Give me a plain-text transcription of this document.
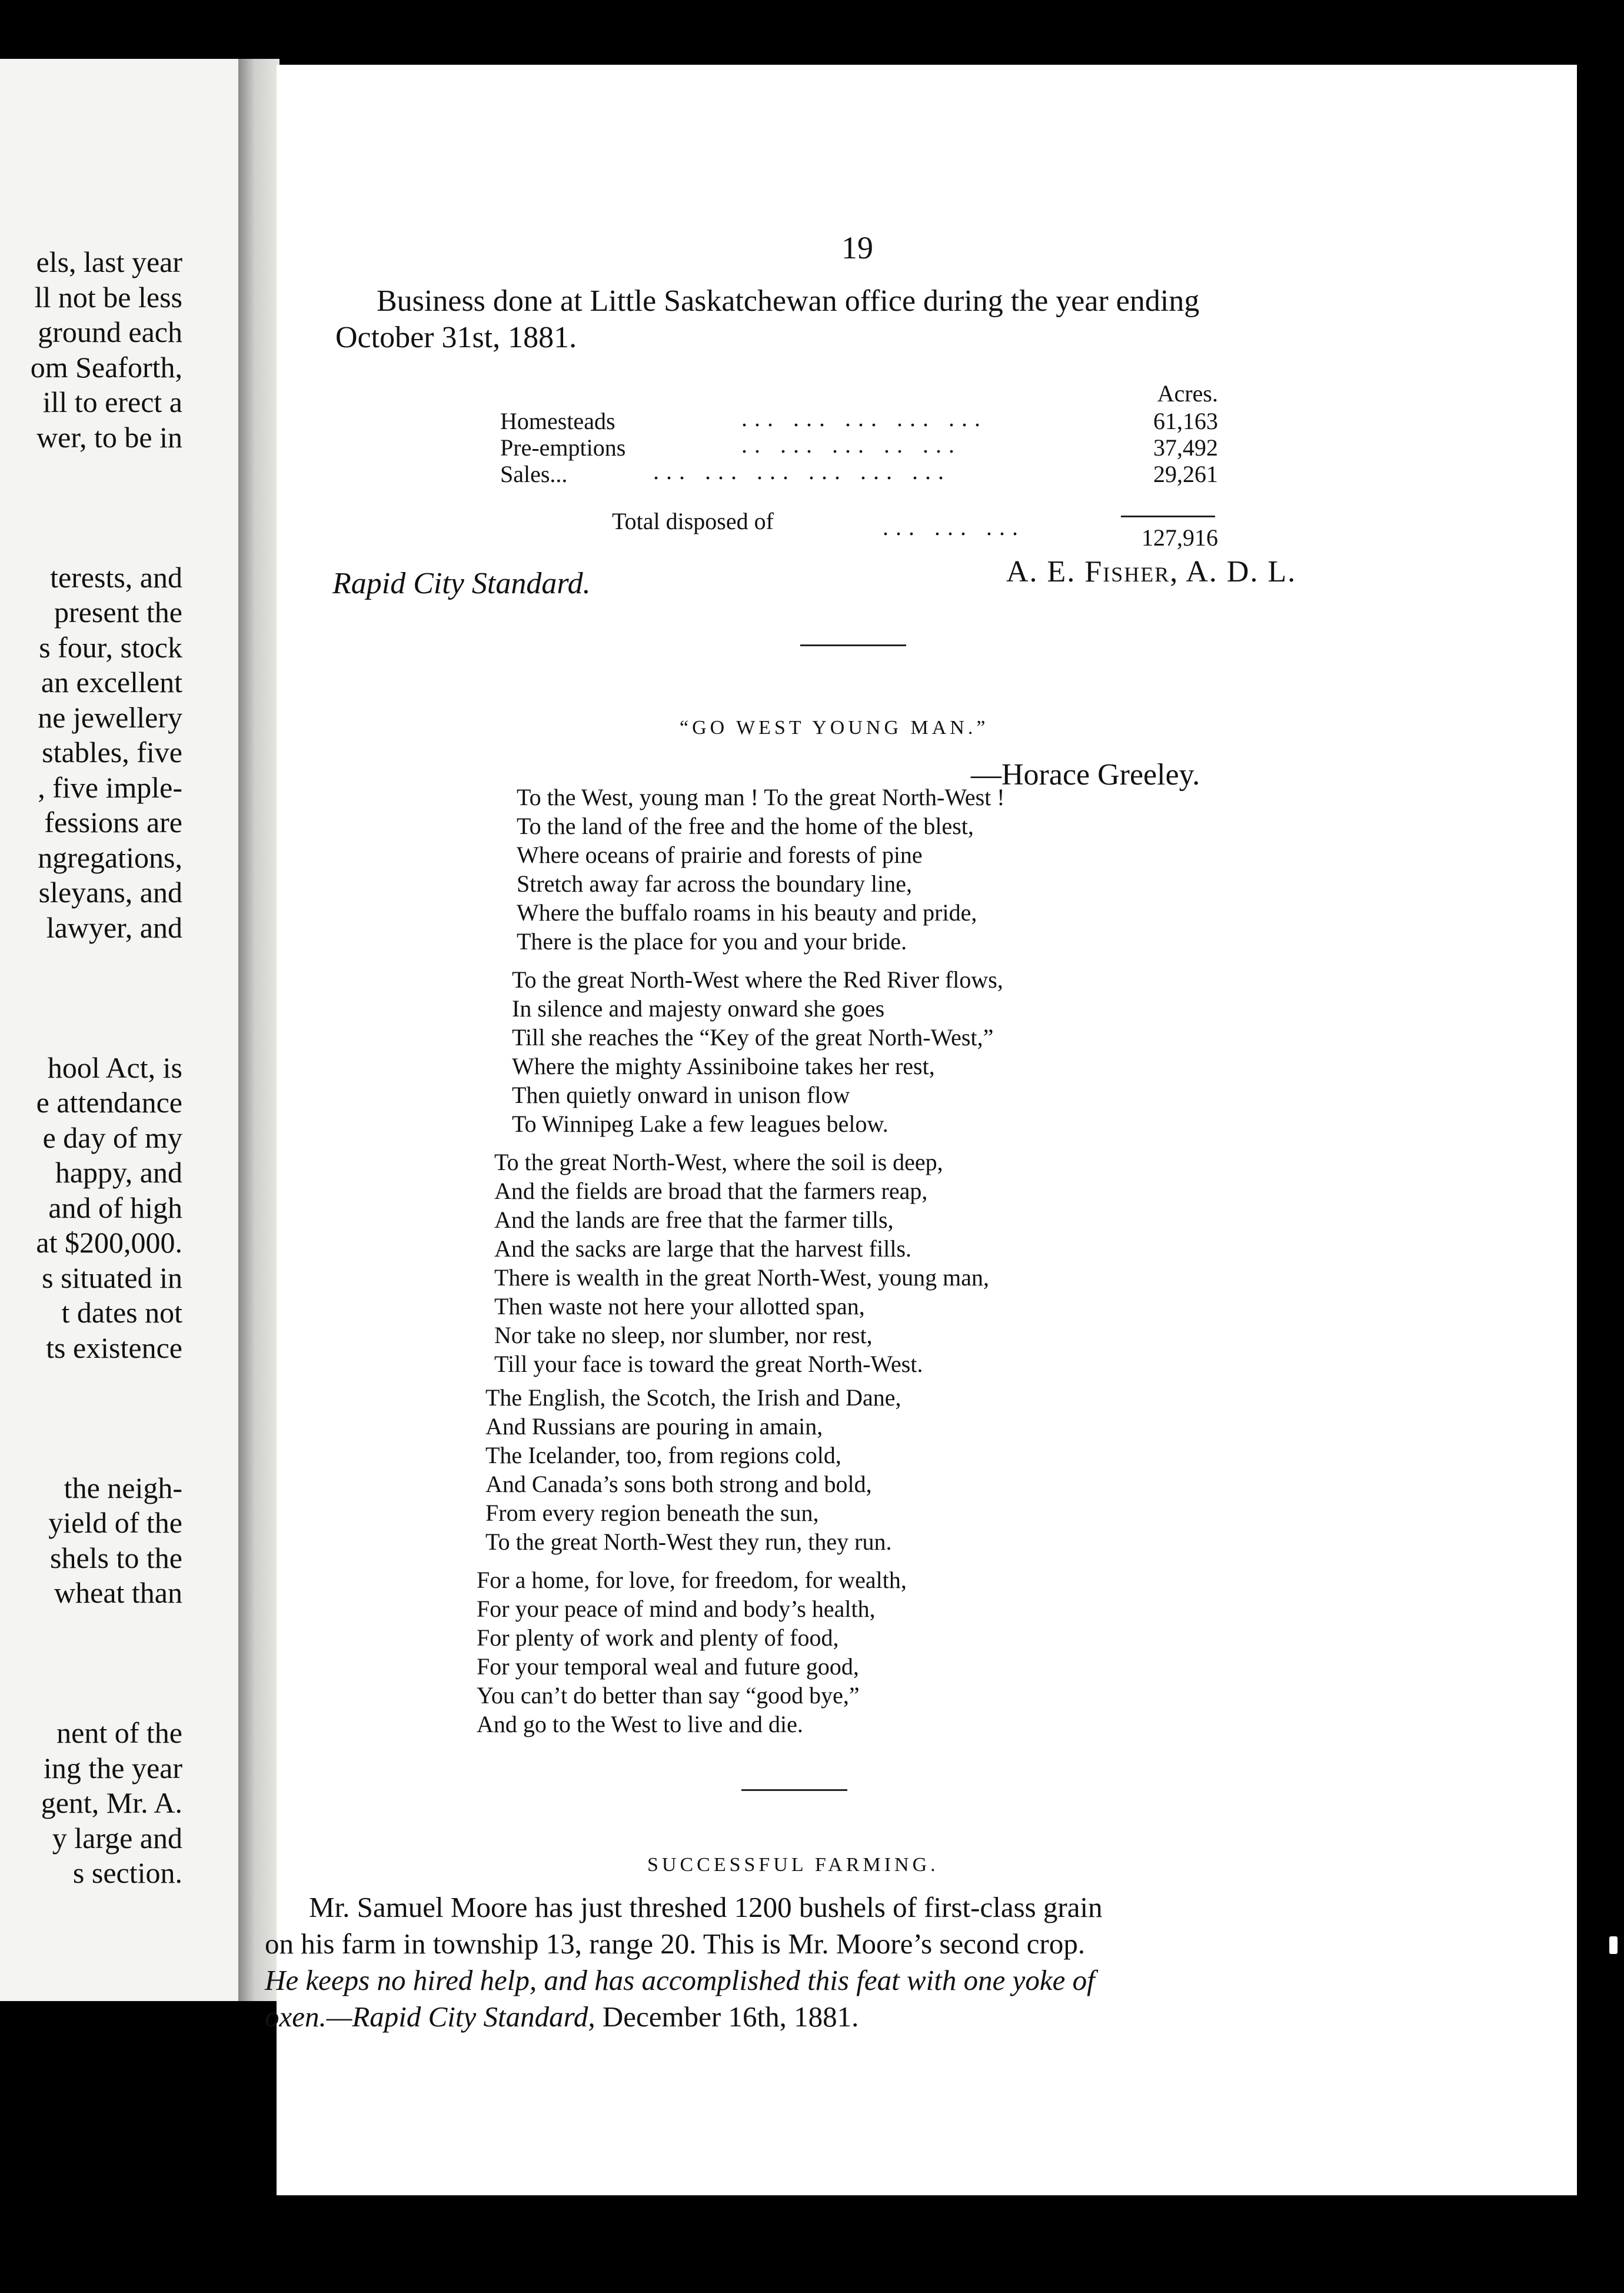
els, last year
ll not be less
ground each
om Seaforth,
ill to erect a
wer, to be in
terests, and
present the
s four, stock
an excellent
ne jewellery
stables, five
, five imple-
fessions are
ngregations,
sleyans, and
lawyer, and
hool Act, is
e attendance
e day of my
happy, and
and of high
at $200,000.
s situated in
t dates not
ts existence
the neigh-
yield of the
shels to the
wheat than
nent of the
ing the year
gent, Mr. A.
y large and
s section.
19
Business done at Little Saskatchewan office during the year ending
October 31st, 1881.
Acres.
Homesteads	... ... ... ... ...	61,163
Pre-emptions	.. ... ... .. ...	37,492
Sales...	... ... ... ... ... ...	29,261
Total disposed of	... ... ...	127,916
Rapid City Standard.	A. E. Fisher, A. D. L.
“GO WEST YOUNG MAN.”
—Horace Greeley.
To the West, young man ! To the great North-West !
To the land of the free and the home of the blest,
Where oceans of prairie and forests of pine
Stretch away far across the boundary line,
Where the buffalo roams in his beauty and pride,
There is the place for you and your bride.
To the great North-West where the Red River flows,
In silence and majesty onward she goes
Till she reaches the “Key of the great North-West,”
Where the mighty Assiniboine takes her rest,
Then quietly onward in unison flow
To Winnipeg Lake a few leagues below.
To the great North-West, where the soil is deep,
And the fields are broad that the farmers reap,
And the lands are free that the farmer tills,
And the sacks are large that the harvest fills.
There is wealth in the great North-West, young man,
Then waste not here your allotted span,
Nor take no sleep, nor slumber, nor rest,
Till your face is toward the great North-West.
The English, the Scotch, the Irish and Dane,
And Russians are pouring in amain,
The Icelander, too, from regions cold,
And Canada’s sons both strong and bold,
From every region beneath the sun,
To the great North-West they run, they run.
For a home, for love, for freedom, for wealth,
For your peace of mind and body’s health,
For plenty of work and plenty of food,
For your temporal weal and future good,
You can’t do better than say “good bye,”
And go to the West to live and die.
SUCCESSFUL FARMING.
Mr. Samuel Moore has just threshed 1200 bushels of first-class grain
on his farm in township 13, range 20. This is Mr. Moore’s second crop.
He keeps no hired help, and has accomplished this feat with one yoke of
oxen.—Rapid City Standard, December 16th, 1881.
